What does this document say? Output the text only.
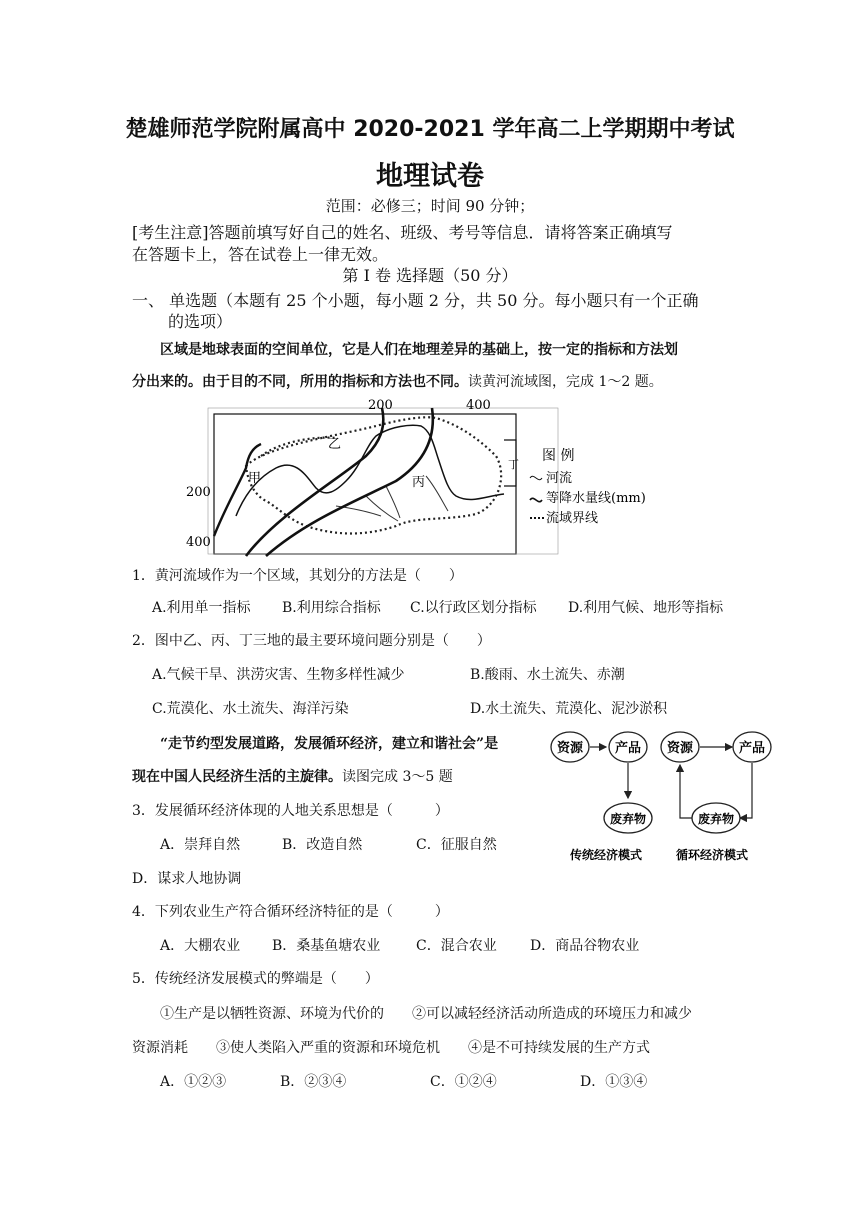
楚雄师范学院附属高中 2020-2021 学年高二上学期期中考试
地理试卷
范围：必修三；时间 90 分钟；
[考生注意]答题前填写好自己的姓名、班级、考号等信息．请将答案正确填写
在答题卡上，答在试卷上一律无效。
第 I 卷 选择题（50 分）
一、 单选题（本题有 25 个小题，每小题 2 分，共 50 分。每小题只有一个正确
的选项）
区域是地球表面的空间单位，它是人们在地理差异的基础上，按一定的指标和方法划
分出来的。由于目的不同，所用的指标和方法也不同。读黄河流域图，完成 1～2 题。
200	400
200
400
甲
乙
丙
丁
图 例
河流
等降水量线(mm)
流域界线
1．黄河流域作为一个区域，其划分的方法是（　　）
A.利用单一指标 B.利用综合指标 C.以行政区划分指标 D.利用气候、地形等指标
2．图中乙、丙、丁三地的最主要环境问题分别是（　　）
A.气候干旱、洪涝灾害、生物多样性减少	B.酸雨、水土流失、赤潮
C.荒漠化、水土流失、海洋污染	D.水土流失、荒漠化、泥沙淤积
“走节约型发展道路，发展循环经济，建立和谐社会”是
现在中国人民经济生活的主旋律。读图完成 3～5 题
资源 产品
废弃物
传统经济模式
资源	产品
废弃物
循环经济模式
3．发展循环经济体现的人地关系思想是（　　　）
A．崇拜自然	B．改造自然	C．征服自然
D．谋求人地协调
4．下列农业生产符合循环经济特征的是（　　　）
A．大棚农业 B．桑基鱼塘农业	C．混合农业 D．商品谷物农业
5．传统经济发展模式的弊端是（　　）
①生产是以牺牲资源、环境为代价的　　②可以减轻经济活动所造成的环境压力和减少
资源消耗　　③使人类陷入严重的资源和环境危机　　④是不可持续发展的生产方式
A．①②③	B．②③④	C．①②④	D．①③④
